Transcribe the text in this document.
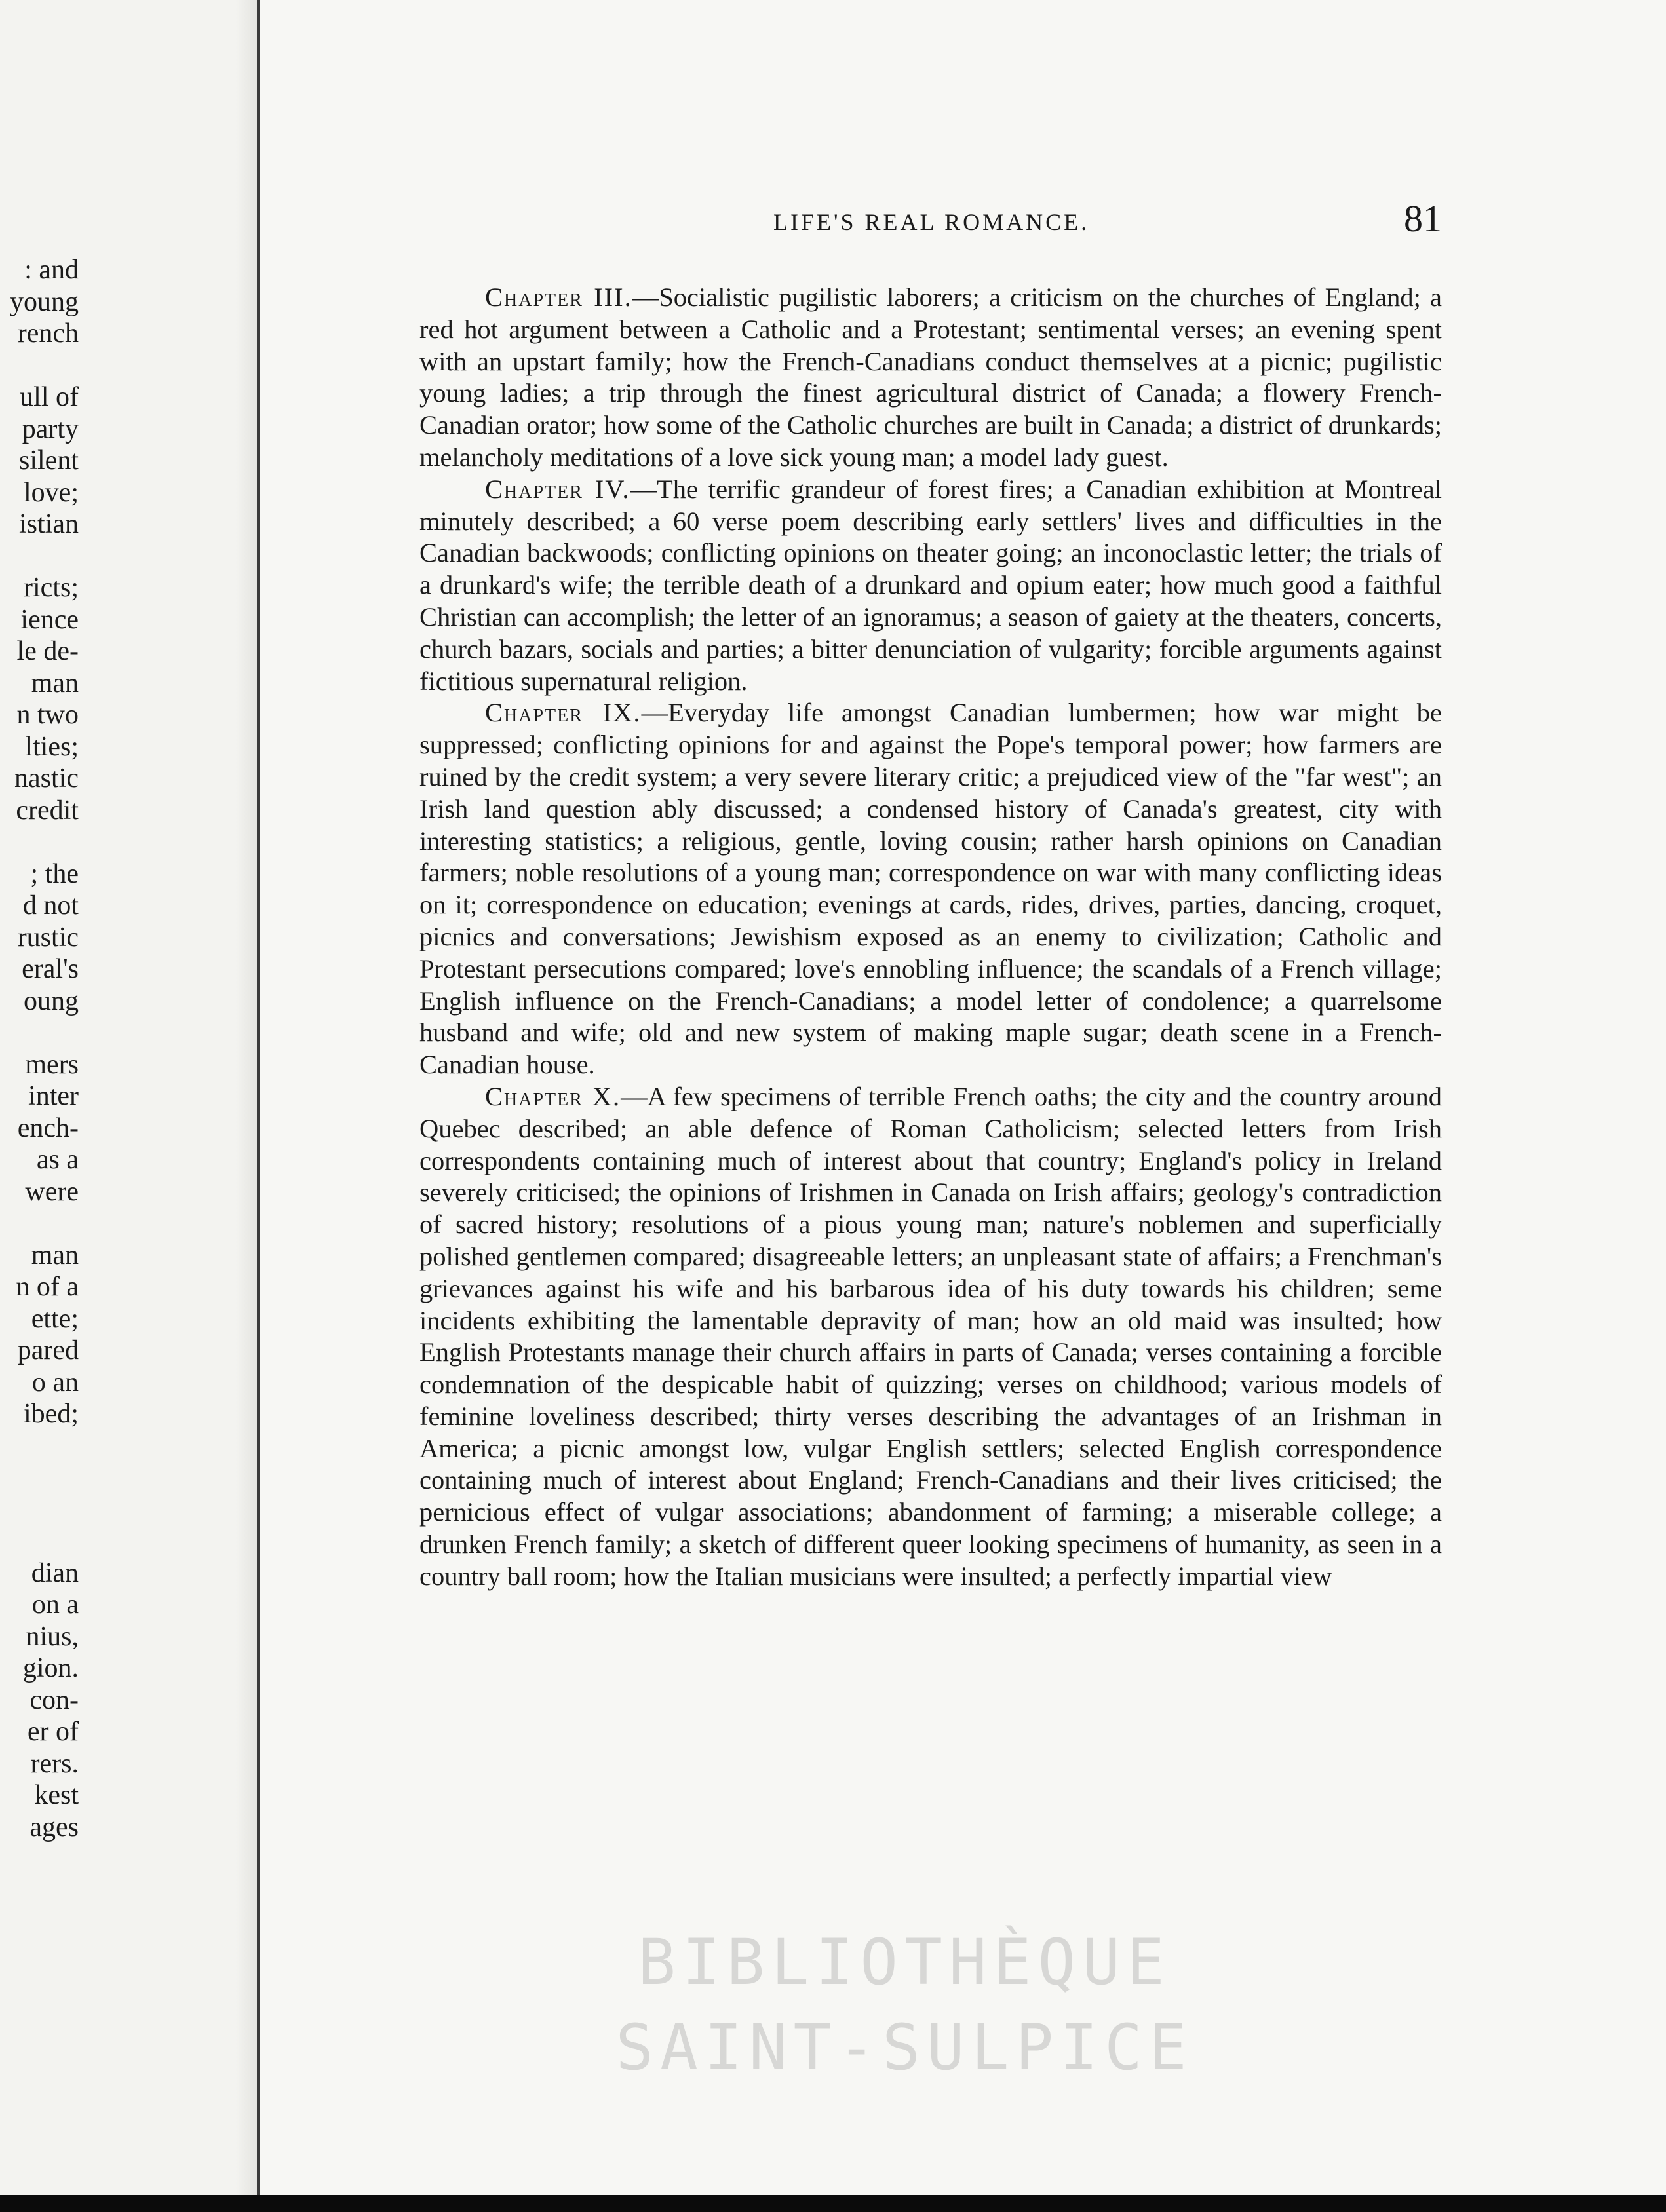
: and
young
rench
ull of
party
silent
love;
istian
ricts;
ience
le de-
man
n two
lties;
nastic
credit
; the
d not
rustic
eral's
oung
mers
inter
ench-
as a
were
man
n of a
ette;
pared
o an
ibed;
dian
on a
nius,
gion.
con-
er of
rers.
kest
ages
LIFE'S REAL ROMANCE.	81

Chapter III.—Socialistic pugilistic laborers; a criticism on the churches of England; a red hot argument between a Catholic and a Protestant; sentimental verses; an evening spent with an upstart family; how the French-Canadians conduct themselves at a picnic; pugilistic young ladies; a trip through the finest agricultural district of Canada; a flowery French-Canadian orator; how some of the Catholic churches are built in Canada; a district of drunkards; melancholy meditations of a love sick young man; a model lady guest.

Chapter IV.—The terrific grandeur of forest fires; a Canadian exhibition at Montreal minutely described; a 60 verse poem describing early settlers' lives and difficulties in the Canadian backwoods; conflicting opinions on theater going; an inconoclastic letter; the trials of a drunkard's wife; the terrible death of a drunkard and opium eater; how much good a faithful Christian can accomplish; the letter of an ignoramus; a season of gaiety at the theaters, concerts, church bazars, socials and parties; a bitter denunciation of vulgarity; forcible arguments against fictitious supernatural religion.

Chapter IX.—Everyday life amongst Canadian lumbermen; how war might be suppressed; conflicting opinions for and against the Pope's temporal power; how farmers are ruined by the credit system; a very severe literary critic; a prejudiced view of the "far west"; an Irish land question ably discussed; a condensed history of Canada's greatest, city with interesting statistics; a religious, gentle, loving cousin; rather harsh opinions on Canadian farmers; noble resolutions of a young man; correspondence on war with many conflicting ideas on it; correspondence on education; evenings at cards, rides, drives, parties, dancing, croquet, picnics and conversations; Jewishism exposed as an enemy to civilization; Catholic and Protestant persecutions compared; love's ennobling influence; the scandals of a French village; English influence on the French-Canadians; a model letter of condolence; a quarrelsome husband and wife; old and new system of making maple sugar; death scene in a French-Canadian house.

Chapter X.—A few specimens of terrible French oaths; the city and the country around Quebec described; an able defence of Roman Catholicism; selected letters from Irish correspondents containing much of interest about that country; England's policy in Ireland severely criticised; the opinions of Irishmen in Canada on Irish affairs; geology's contradiction of sacred history; resolutions of a pious young man; nature's noblemen and superficially polished gentlemen compared; disagreeable letters; an unpleasant state of affairs; a Frenchman's grievances against his wife and his barbarous idea of his duty towards his children; seme incidents exhibiting the lamentable depravity of man; how an old maid was insulted; how English Protestants manage their church affairs in parts of Canada; verses containing a forcible condemnation of the despicable habit of quizzing; verses on childhood; various models of feminine loveliness described; thirty verses describing the advantages of an Irishman in America; a picnic amongst low, vulgar English settlers; selected English correspondence containing much of interest about England; French-Canadians and their lives criticised; the pernicious effect of vulgar associations; abandonment of farming; a miserable college; a drunken French family; a sketch of different queer looking specimens of humanity, as seen in a country ball room; how the Italian musicians were insulted; a perfectly impartial view

BIBLIOTHÈQUE
SAINT-SULPICE
